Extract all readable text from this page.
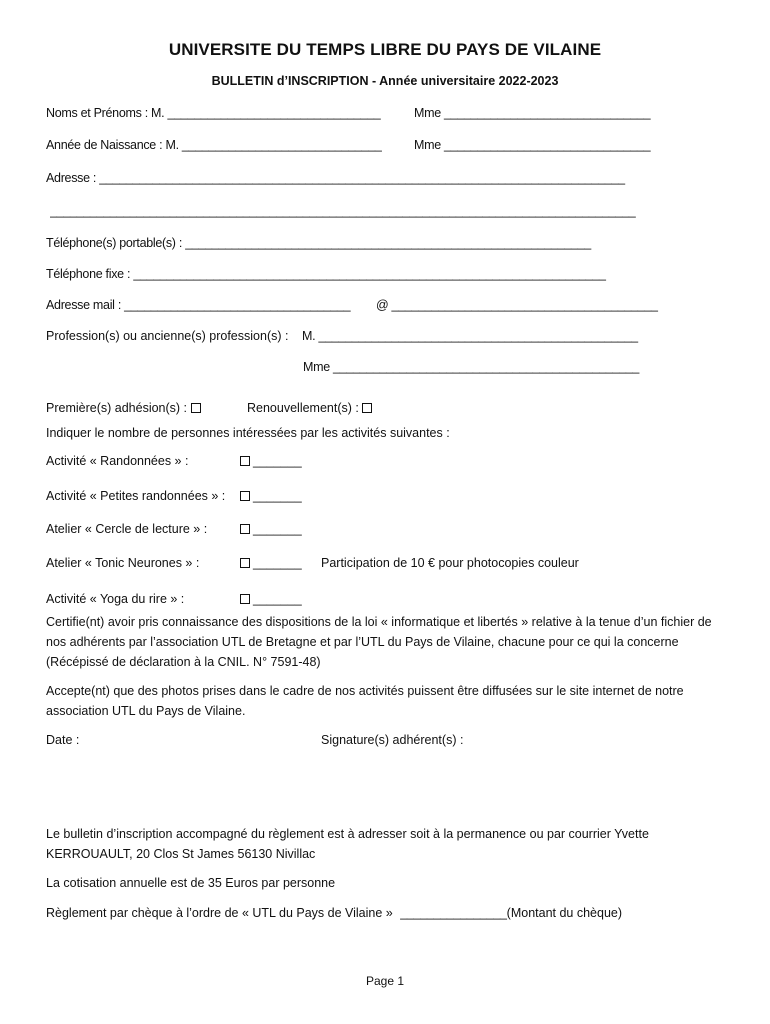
UNIVERSITE DU TEMPS LIBRE DU PAYS DE VILAINE
BULLETIN d’INSCRIPTION - Année universitaire 2022-2023
Noms et Prénoms : M. ________________________________	Mme _______________________________
Année de Naissance : M. ______________________________	Mme _______________________________
Adresse : _______________________________________________________________________________
________________________________________________________________________________________
Téléphone(s) portable(s) : _____________________________________________________________
Téléphone fixe : _______________________________________________________________________
Adresse mail : __________________________________	@ ________________________________________
Profession(s) ou ancienne(s) profession(s) : M. ________________________________________________
Mme ______________________________________________
Première(s) adhésion(s) :	Renouvellement(s) :
Indiquer le nombre de personnes intéressées par les activités suivantes :
Activité « Randonnées » :	_______
Activité « Petites randonnées » :	_______
Atelier « Cercle de lecture » :	_______
Atelier « Tonic Neurones » :	_______ Participation de 10 € pour photocopies couleur
Activité « Yoga du rire » :	_______
Certifie(nt) avoir pris connaissance des dispositions de la loi « informatique et libertés » relative à la tenue d’un fichier de nos adhérents par l’association UTL de Bretagne et par l’UTL du Pays de Vilaine, chacune pour ce qui la concerne (Récépissé de déclaration à la CNIL. N° 7591-48)
Accepte(nt) que des photos prises dans le cadre de nos activités puissent être diffusées sur le site internet de notre association UTL du Pays de Vilaine.
Date :	Signature(s) adhérent(s) :
Le bulletin d’inscription accompagné du règlement est à adresser soit à la permanence ou par courrier Yvette KERROUAULT, 20 Clos St James 56130 Nivillac
La cotisation annuelle est de 35 Euros par personne
Règlement par chèque à l’ordre de « UTL du Pays de Vilaine » ________________(Montant du chèque)
Page 1
